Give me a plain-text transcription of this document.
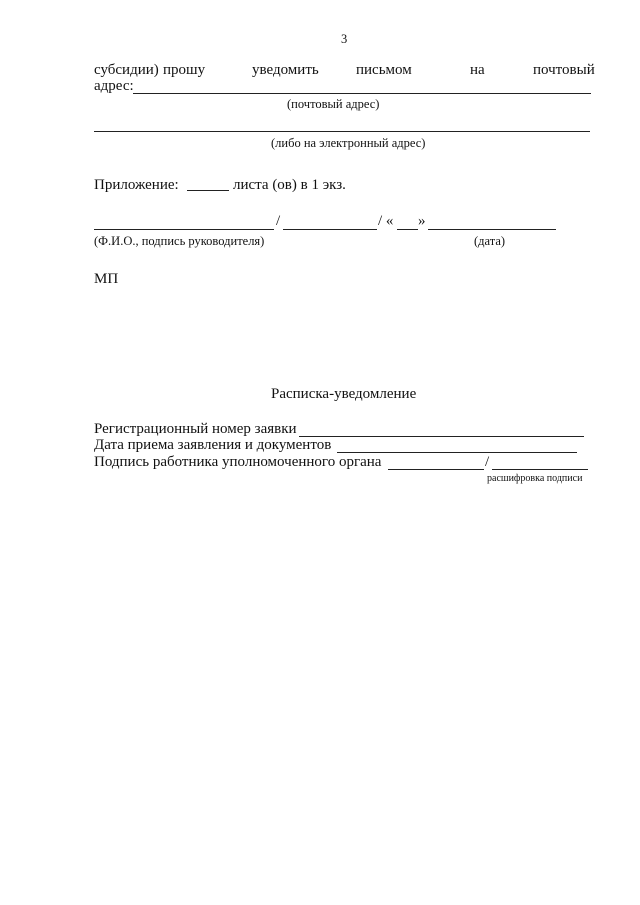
3
субсидии) прошу	уведомить письмом	на	почтовый
адрес:
(почтовый адрес)
(либо на электронный адрес)
Приложение:	листа (ов) в 1 экз.
/	/ « »
(Ф.И.О., подпись руководителя)	(дата)
МП
Расписка-уведомление
Регистрационный номер заявки
Дата приема заявления и документов
Подпись работника уполномоченного органа	/
расшифровка подписи
